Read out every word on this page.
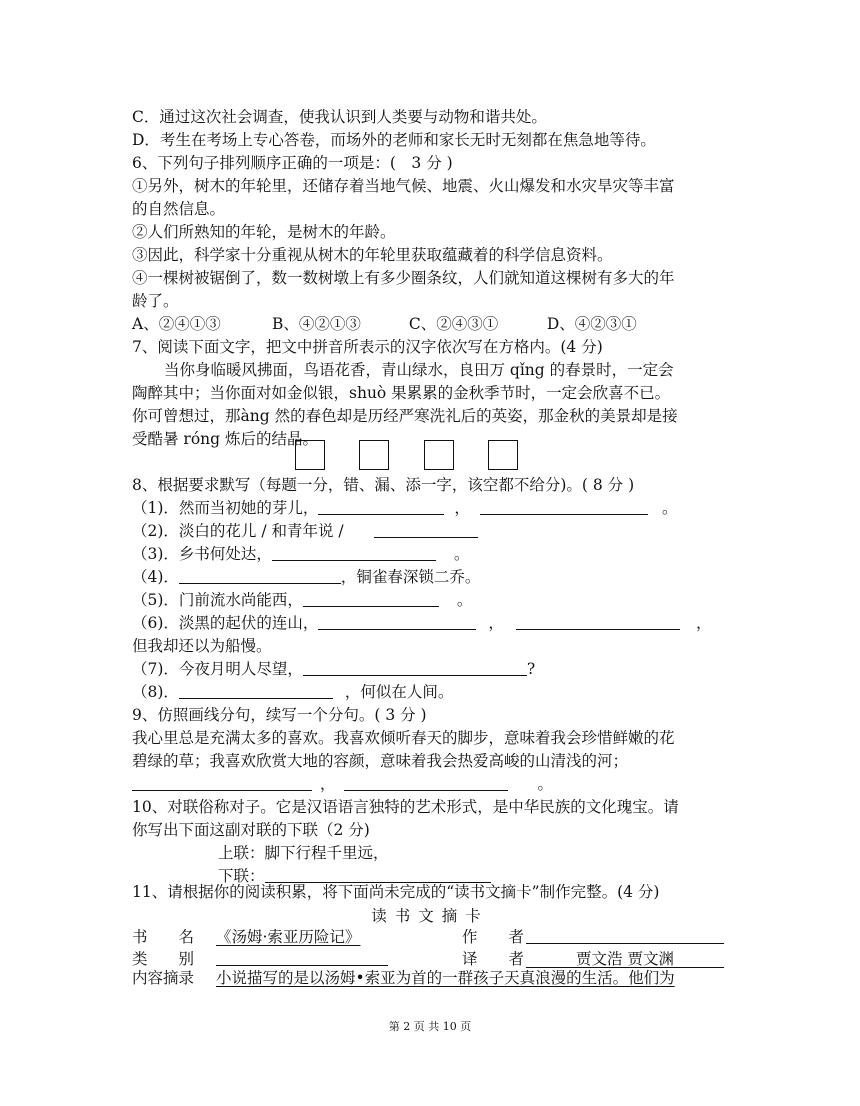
C．通过这次社会调查，使我认识到人类要与动物和谐共处。
D．考生在考场上专心答卷，而场外的老师和家长无时无刻都在焦急地等待。
6、下列句子排列顺序正确的一项是：(　3 分 )
①另外，树木的年轮里，还储存着当地气候、地震、火山爆发和水灾旱灾等丰富
的自然信息。
②人们所熟知的年轮，是树木的年龄。
③因此，科学家十分重视从树木的年轮里获取蕴藏着的科学信息资料。
④一棵树被锯倒了，数一数树墩上有多少圈条纹，人们就知道这棵树有多大的年
龄了。
A、②④①③	B、④②①③	C、②④③①	D、④②③①
7、阅读下面文字，把文中拼音所表示的汉字依次写在方格内。(4 分)
当你身临暖风拂面，鸟语花香，青山绿水，良田万 qǐng 的春景时，一定会
陶醉其中；当你面对如金似银，shuò 果累累的金秋季节时，一定会欣喜不已。
你可曾想过，那àng 然的春色却是历经严寒洗礼后的英姿，那金秋的美景却是接
受酷暑 róng 炼后的结晶。
8、根据要求默写（每题一分，错、漏、添一字，该空都不给分)。( 8 分 )
（1)．然而当初她的芽儿，	，	。
（2)．淡白的花儿 / 和青年说 /
（3)．乡书何处达，	。
（4)．	，铜雀春深锁二乔。
（5)．门前流水尚能西，	。
（6)．淡黑的起伏的连山，	，	，
但我却还以为船慢。
（7)．今夜月明人尽望，	?
（8)．	，何似在人间。
9、仿照画线分句，续写一个分句。( 3 分 )
我心里总是充满太多的喜欢。我喜欢倾听春天的脚步，意味着我会珍惜鲜嫩的花
碧绿的草；我喜欢欣赏大地的容颜，意味着我会热爱高峻的山清浅的河；
，	。
10、对联俗称对子。它是汉语语言独特的艺术形式，是中华民族的文化瑰宝。请
你写出下面这副对联的下联（2 分)
上联：脚下行程千里远，
下联：
11、请根据你的阅读积累，将下面尚未完成的“读书文摘卡”制作完整。(4 分)
读书文摘卡
书　　名 《汤姆·索亚历险记》	作　　者
类　　别	译　　者	贾文浩 贾文渊
内容摘录 小说描写的是以汤姆•索亚为首的一群孩子天真浪漫的生活。他们为
第 2 页 共 10 页
